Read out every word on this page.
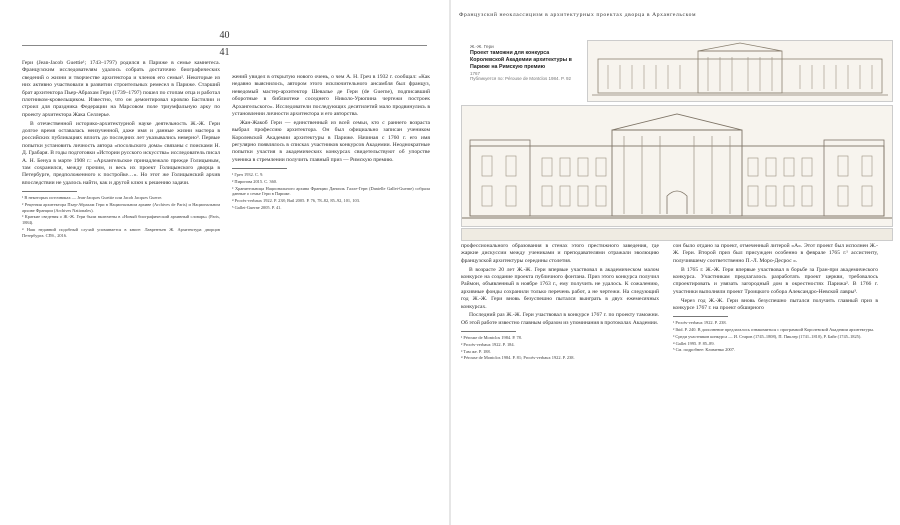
40
41

Гери (Jean-Jacob Guettie¹; 1743–1797) родился в Париже в семье камнетеса. Французским исследователям удалось собрать достаточно биографических сведений о жизни и творчестве архитектора и членов его семьи². Некоторые из них активно участвовали в развитии строительных ремесел в Париже. Старший брат архитектора Пьер-Абрахам Гери (1739–1797) пошел по стопам отца и работал плотником-кровельщиком. Известно, что он демонтировал кровлю Бастилии и строил для праздника Федерации на Марсовом поле триумфальную арку по проекту архитектора Жака Селлерье.

В отечественной историко-архитектурной науке деятельность Ж.-Ж. Гери долгое время оставалась неизученной, даже имя и данные жизни мастера в российских публикациях вплоть до последних лет указывались неверно³. Первые попытки установить личность автора «посольского дома» связаны с поисками Н. Д. Грабаря. В годы подготовки «Истории русского искусства» исследователь писал А. Н. Бенуа в марте 1908 г.: «Архангельское принадлежало прежде Голицыным, там сохранился, между прочим, и весь их проект Голицынского дворца в Петербурге, предположенного к постройке…». Но этот же Голицынский архив впоследствии не удалось найти, как и другой ключ к решению задачи.

¹ В некоторых источниках — Jean-Jacques Guettie или Jacob Jacques Guerre.

² Рецензия архитектора Пьер-Абрахам Гери в Национальном архиве (Archives de Paris) и Национальном архиве Франции (Archives Nationales).

³ Краткие сведения о Ж.-Ж. Гери были включены в «Новый биографический архивный словарь» (Paris, 1884).

⁴ Наш недавний подобный случай упоминается в книге: Лаврентьев Ж. Архитектура дворцов Петербурга. СПб., 2016.

жений увидел в открытую нового очень, о чем А. Н. Греч в 1932 г. сообщал: «Как недавно выяснилось, автором этого исключительного ансамбля был француз, неведомый мастер-архитектор Шевалье де Гери (de Guerne), подписавший оборотные в библиотеке соседнего Николо-Урюпина чертежи построек Архангельского». Исследователи последующих десятилетий мало продвинулись в установлении личности архитектора и его авторства.

Жан-Жакоб Гери — единственный из всей семьи, кто с раннего возраста выбрал профессию архитектора. Он был официально записан учеником Королевской Академии архитектуры в Париже. Начиная с 1760 г. его имя регулярно появлялось в списках участников конкурсов Академии. Неоднократные попытки участия в академических конкурсах свидетельствуют об упорстве ученика в стремлении получить главный приз — Римскую премию.

¹ Греч 1932. С. 9.

² Пирогова 2015. С. 360.

³ Хранительница Национального архива Франции Даниэль Галле-Герн (Danielle Gallet-Guerne) собрала данные о семье Гери в Париже.

⁴ Procès-verbaux 1922. P. 238; Bail 2005. P. 76, 78–82, 85–92, 101, 103.

⁵ Gallet-Guerne 2005. P. 41.

Французский неоклассицизм в архитектурных проектах дворца в Архангельском
Ж.-Ж. Гери
Проект таможни для конкурса Королевской Академии архитектуры в Париже на Римскую премию
1767
Публикуется по: Pérouse de Montclos 1984. P. 92

профессионального образования в стенах этого престижного заведения, где жаркие дискуссии между учениками и преподавателями отражали эволюцию французской архитектуры середины столетия.

В возрасте 20 лет Ж.-Ж. Гери впервые участвовал в академическом малом конкурсе на создание проекта публичного фонтана. Приз этого конкурса получил Раймон, объявленный в ноябре 1763 г., ему получить не удалось. К сожалению, архивные фонды сохранили только перечень работ, а не чертежи. На следующий год Ж.-Ж. Гери вновь безуспешно пытался выиграть в двух ежемесячных конкурсах.

Последний раз Ж.-Ж. Гери участвовал в конкурсе 1767 г. по проекту таможни. Об этой работе известно главным образом из упоминания в протоколах Академии.

¹ Pérouse de Montclos 1984. P. 78.

² Procès-verbaux 1922. P. 184.

³ Там же. P. 188.

⁴ Pérouse de Montclos 1984. P. 81; Procès-verbaux 1922. P. 238.

сон было отдано за проект, отмеченный литерой «А». Этот проект был исполнен Ж.-Ж. Гери. Второй приз был присужден особенно в феврале 1765 г.¹ ассистенту, получившему соответственно П.-Л. Моро-Десрос ».

В 1765 г. Ж.-Ж. Гери впервые участвовал в борьбе за Гран-при академического конкурса. Участникам предлагалось разработать проект церкви, требовалось спроектировать и увязать загородный дом в окрестностях Парижа². В 1766 г. участники выполняли проект Троицкого собора Александро-Невской лавры³.

Через год Ж.-Ж. Гери вновь безуспешно пытался получить главный приз в конкурсе 1767 г. на проект обширного

¹ Procès-verbaux 1922. P. 238.

² Ibid. P. 240. В дополнение предлагалось ознакомиться с программой Королевской Академии архитектуры.

³ Среди участников конкурса — И. Старов (1745–1808), П. Пиклер (1741–1810), Р. Байе (1745–1825).

⁴ Gallet 1995. P. 85–89.

⁵ См. подробнее: Клименко 2007.
